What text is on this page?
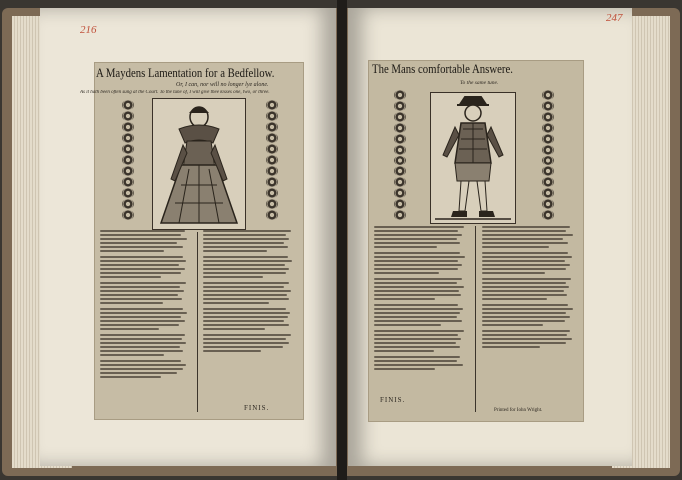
216
247
A Maydens Lamentation for a Bedfellow.
Or, I can, nor will no longer lye alone.
As it hath been often sung at the Court. To the tune of, I will give thee kisses one, two, or three.
FINIS.
The Mans comfortable Answere.
To the same tune.
FINIS.
Printed for Iohn Wright.
